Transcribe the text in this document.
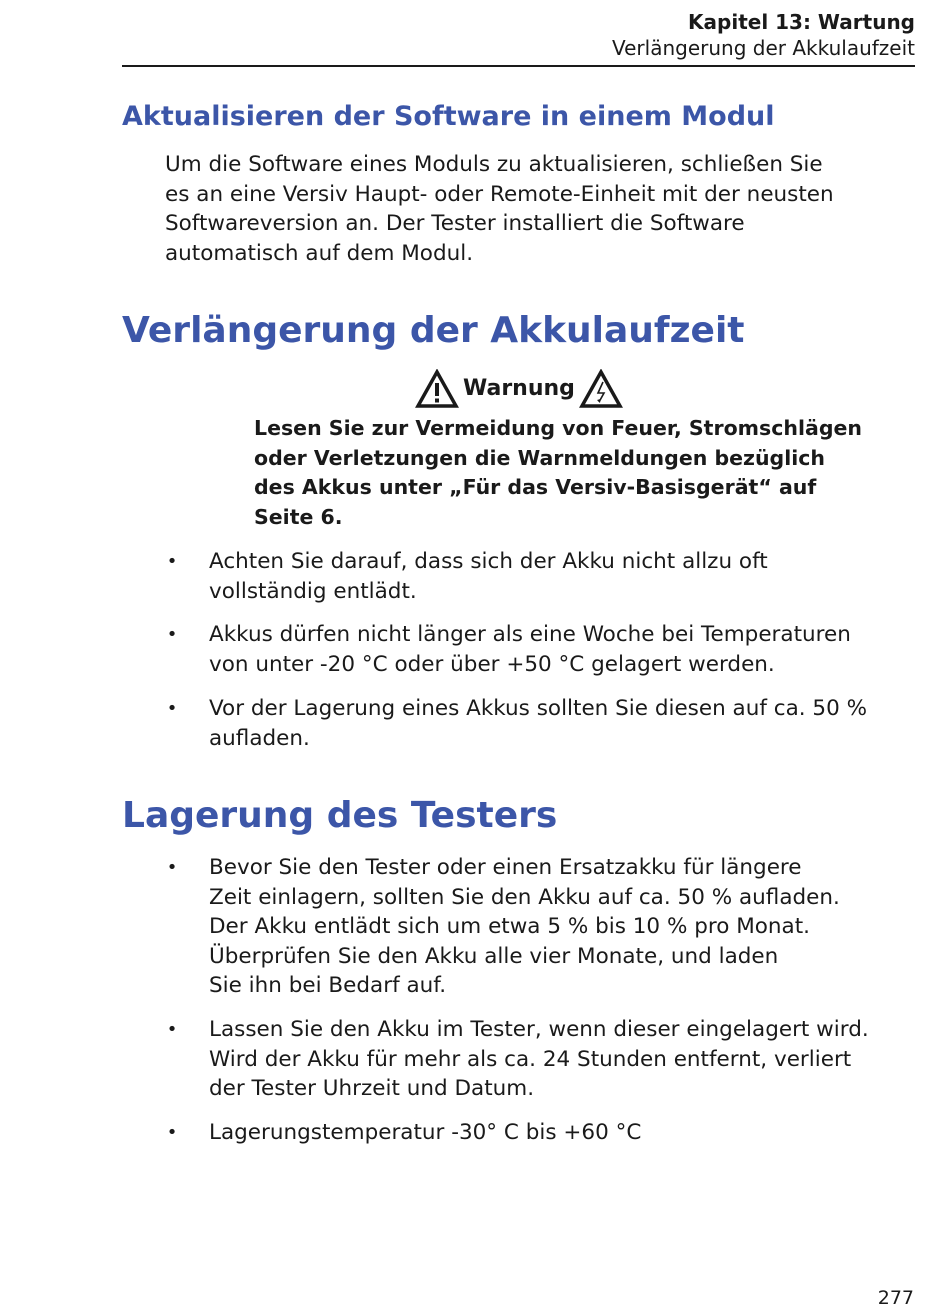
Kapitel 13: Wartung
Verlängerung der Akkulaufzeit
Aktualisieren der Software in einem Modul

Um die Software eines Moduls zu aktualisieren, schließen Sie
es an eine Versiv Haupt- oder Remote-Einheit mit der neusten
Softwareversion an. Der Tester installiert die Software
automatisch auf dem Modul.

Verlängerung der Akkulaufzeit
Warnung

Lesen Sie zur Vermeidung von Feuer, Stromschlägen
oder Verletzungen die Warnmeldungen bezüglich
des Akkus unter „Für das Versiv-Basisgerät“ auf
Seite 6.

• Achten Sie darauf, dass sich der Akku nicht allzu oft
vollständig entlädt.
• Akkus dürfen nicht länger als eine Woche bei Temperaturen
von unter -20 °C oder über +50 °C gelagert werden.
• Vor der Lagerung eines Akkus sollten Sie diesen auf ca. 50 %
aufladen.
Lagerung des Testers
• Bevor Sie den Tester oder einen Ersatzakku für längere
Zeit einlagern, sollten Sie den Akku auf ca. 50 % aufladen.
Der Akku entlädt sich um etwa 5 % bis 10 % pro Monat.
Überprüfen Sie den Akku alle vier Monate, und laden
Sie ihn bei Bedarf auf.
• Lassen Sie den Akku im Tester, wenn dieser eingelagert wird.
Wird der Akku für mehr als ca. 24 Stunden entfernt, verliert
der Tester Uhrzeit und Datum.
• Lagerungstemperatur -30° C bis +60 °C
277
